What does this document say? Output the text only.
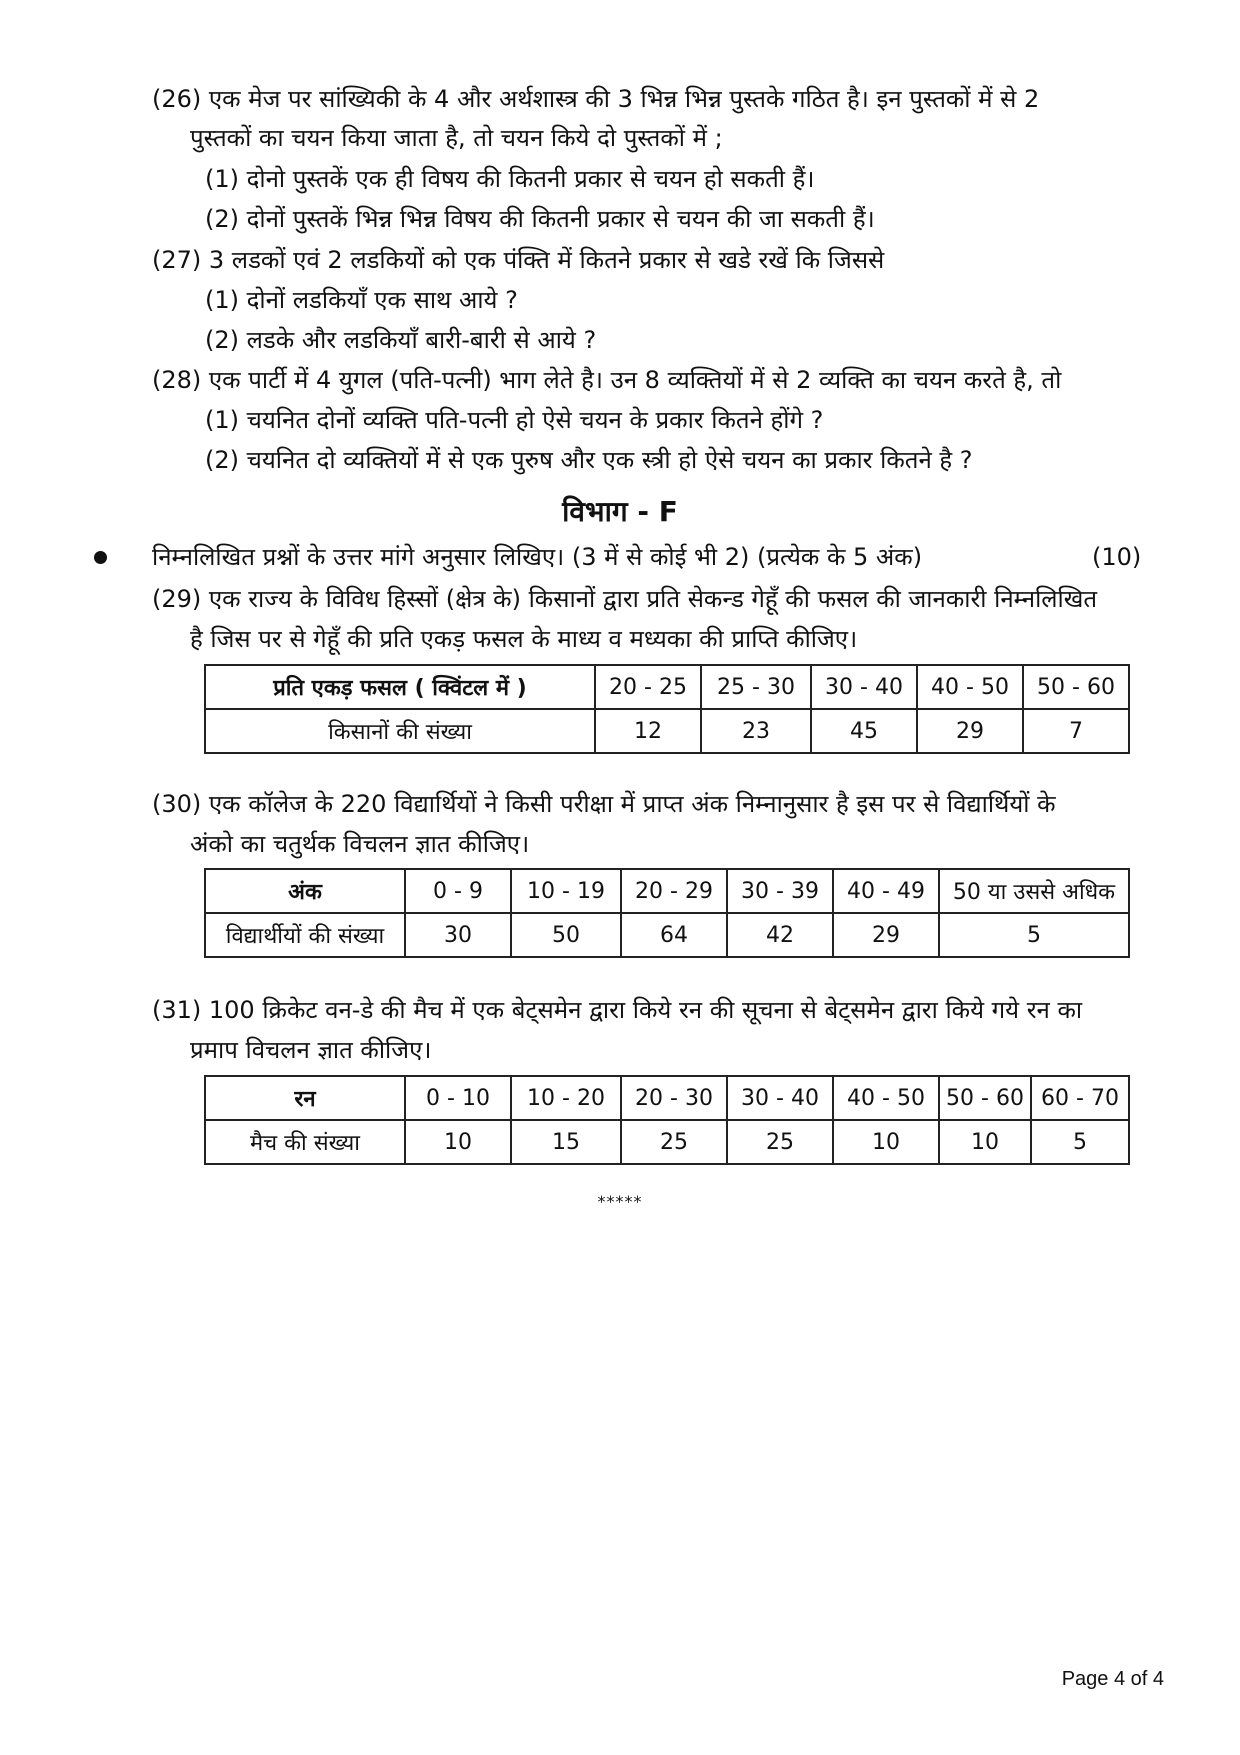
(26) एक मेज पर सांख्यिकी के 4 और अर्थशास्त्र की 3 भिन्न भिन्न पुस्तके गठित है। इन पुस्तकों में से 2
पुस्तकों का चयन किया जाता है, तो चयन किये दो पुस्तकों में ;
(1) दोनो पुस्तकें एक ही विषय की कितनी प्रकार से चयन हो सकती हैं।
(2) दोनों पुस्तकें भिन्न भिन्न विषय की कितनी प्रकार से चयन की जा सकती हैं।
(27) 3 लडकों एवं 2 लडकियों को एक पंक्ति में कितने प्रकार से खडे रखें कि जिससे
(1) दोनों लडकियाँ एक साथ आये ?
(2) लडके और लडकियाँ बारी-बारी से आये ?
(28) एक पार्टी में 4 युगल (पति-पत्नी) भाग लेते है। उन 8 व्यक्तियों में से 2 व्यक्ति का चयन करते है, तो
(1) चयनित दोनों व्यक्ति पति-पत्नी हो ऐसे चयन के प्रकार कितने होंगे ?
(2) चयनित दो व्यक्तियों में से एक पुरुष और एक स्त्री हो ऐसे चयन का प्रकार कितने है ?
विभाग - F
निम्नलिखित प्रश्नों के उत्तर मांगे अनुसार लिखिए। (3 में से कोई भी 2) (प्रत्येक के 5 अंक)	(10)
(29) एक राज्य के विविध हिस्सों (क्षेत्र के) किसानों द्वारा प्रति सेकन्ड गेहूँ की फसल की जानकारी निम्नलिखित
है जिस पर से गेहूँ की प्रति एकड़ फसल के माध्य व मध्यका की प्राप्ति कीजिए।
प्रति एकड़ फसल ( क्विंटल में )	20 - 25	25 - 30	30 - 40	40 - 50	50 - 60
किसानों की संख्या	12	23	45	29	7
(30) एक कॉलेज के 220 विद्यार्थियों ने किसी परीक्षा में प्राप्त अंक निम्नानुसार है इस पर से विद्यार्थियों के
अंको का चतुर्थक विचलन ज्ञात कीजिए।
अंक	0 - 9	10 - 19	20 - 29	30 - 39	40 - 49	50 या उससे अधिक
विद्यार्थीयों की संख्या	30	50	64	42	29	5
(31) 100 क्रिकेट वन-डे की मैच में एक बेट्समेन द्वारा किये रन की सूचना से बेट्समेन द्वारा किये गये रन का
प्रमाप विचलन ज्ञात कीजिए।
रन	0 - 10	10 - 20	20 - 30	30 - 40	40 - 50	50 - 60	60 - 70
मैच की संख्या	10	15	25	25	10	10	5
*****
Page 4 of 4
